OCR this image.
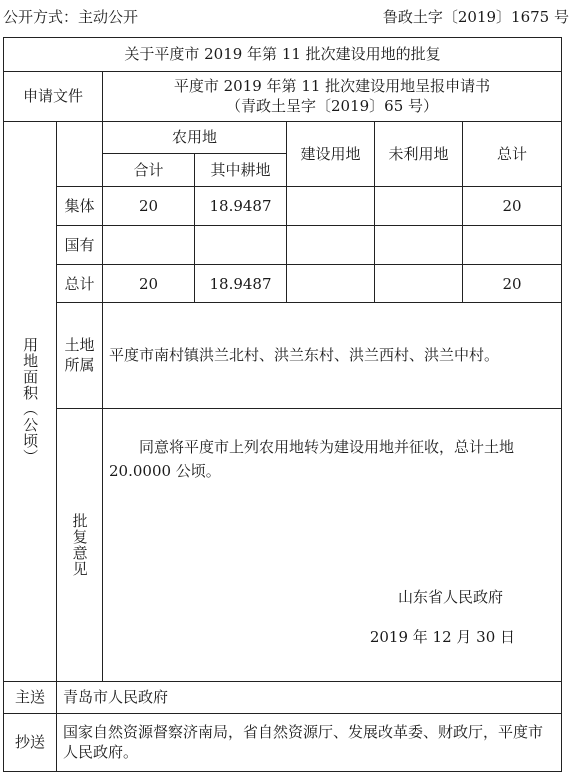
公开方式：主动公开	鲁政土字〔2019〕1675 号
关于平度市 2019 年第 11 批次建设用地的批复						
申请文件		平度市 2019 年第 11 批次建设用地呈报申请书
（青政土呈字〔2019〕65 号）				

用地面积（公顷）		农用地		建设用地	未利用地	总计
		合计	其中耕地			
	集体	20	18.9487			20
	国有					
	总计	20	18.9487			20
	土地所属	平度市南村镇洪兰北村、洪兰东村、洪兰西村、洪兰中村。				

	批复意见	同意将平度市上列农用地转为建设用地并征收，总计土地 20.0000 公顷。
山东省人民政府
2019 年 12 月 30 日				

主送	青岛市人民政府					
抄送	国家自然资源督察济南局，省自然资源厅、发展改革委、财政厅，平度市人民政府。					
